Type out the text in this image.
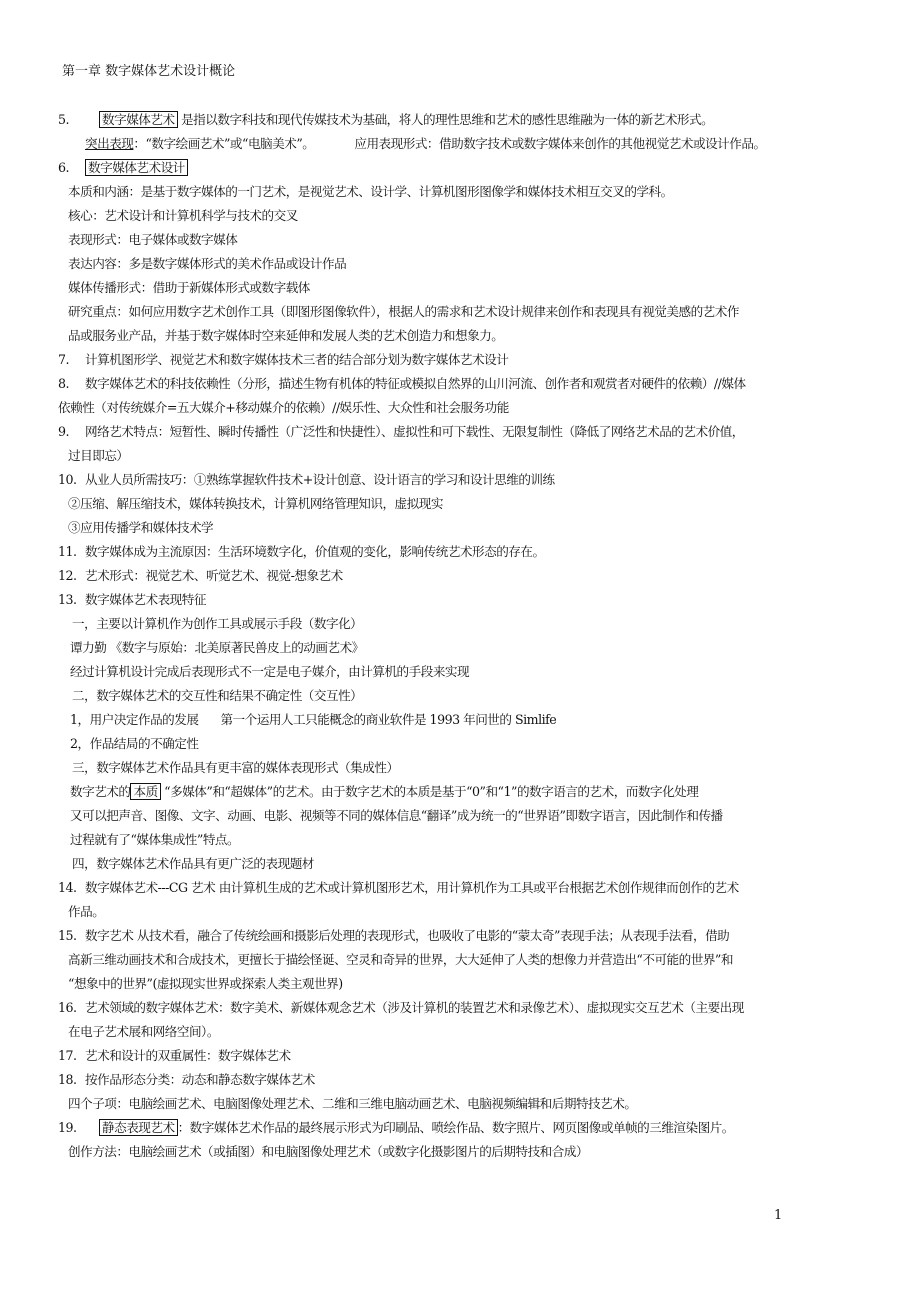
第一章 数字媒体艺术设计概论
5.	数字媒体艺术 是指以数字科技和现代传媒技术为基础，将人的理性思维和艺术的感性思维融为一体的新艺术形式。
突出表现：“数字绘画艺术”或“电脑美术”。	应用表现形式：借助数字技术或数字媒体来创作的其他视觉艺术或设计作品。
6. 数字媒体艺术设计
本质和内涵：是基于数字媒体的一门艺术，是视觉艺术、设计学、计算机图形图像学和媒体技术相互交叉的学科。
核心：艺术设计和计算机科学与技术的交叉
表现形式：电子媒体或数字媒体
表达内容：多是数字媒体形式的美术作品或设计作品
媒体传播形式：借助于新媒体形式或数字载体
研究重点：如何应用数字艺术创作工具（即图形图像软件），根据人的需求和艺术设计规律来创作和表现具有视觉美感的艺术作
品或服务业产品，并基于数字媒体时空来延伸和发展人类的艺术创造力和想象力。
7. 计算机图形学、视觉艺术和数字媒体技术三者的结合部分划为数字媒体艺术设计
8. 数字媒体艺术的科技依赖性（分形，描述生物有机体的特征或模拟自然界的山川河流、创作者和观赏者对硬件的依赖）//媒体
依赖性（对传统媒介=五大媒介+移动媒介的依赖）//娱乐性、大众性和社会服务功能
9. 网络艺术特点：短暂性、瞬时传播性（广泛性和快捷性）、虚拟性和可下载性、无限复制性（降低了网络艺术品的艺术价值，
过目即忘）
10. 从业人员所需技巧：①熟练掌握软件技术+设计创意、设计语言的学习和设计思维的训练
②压缩、解压缩技术，媒体转换技术，计算机网络管理知识，虚拟现实
③应用传播学和媒体技术学
11. 数字媒体成为主流原因：生活环境数字化，价值观的变化，影响传统艺术形态的存在。
12. 艺术形式：视觉艺术、听觉艺术、视觉-想象艺术
13. 数字媒体艺术表现特征
一，主要以计算机作为创作工具或展示手段（数字化）
谭力勤 《数字与原始：北美原著民兽皮上的动画艺术》
经过计算机设计完成后表现形式不一定是电子媒介，由计算机的手段来实现
二，数字媒体艺术的交互性和结果不确定性（交互性）
1，用户决定作品的发展 第一个运用人工只能概念的商业软件是 1993 年问世的 Simlife
2，作品结局的不确定性
三，数字媒体艺术作品具有更丰富的媒体表现形式（集成性）
数字艺术的 本质 “多媒体”和“超媒体”的艺术。由于数字艺术的本质是基于“0”和“1”的数字语言的艺术，而数字化处理
又可以把声音、图像、文字、动画、电影、视频等不同的媒体信息“翻译”成为统一的“世界语”即数字语言，因此制作和传播
过程就有了“媒体集成性”特点。
四，数字媒体艺术作品具有更广泛的表现题材
14. 数字媒体艺术---CG 艺术 由计算机生成的艺术或计算机图形艺术，用计算机作为工具或平台根据艺术创作规律而创作的艺术
作品。
15. 数字艺术 从技术看，融合了传统绘画和摄影后处理的表现形式，也吸收了电影的“蒙太奇”表现手法；从表现手法看，借助
高新三维动画技术和合成技术，更擅长于描绘怪诞、空灵和奇异的世界，大大延伸了人类的想像力并营造出“不可能的世界”和
“想象中的世界”(虚拟现实世界或探索人类主观世界)
16. 艺术领域的数字媒体艺术：数字美术、新媒体观念艺术（涉及计算机的装置艺术和录像艺术）、虚拟现实交互艺术（主要出现
在电子艺术展和网络空间）。
17. 艺术和设计的双重属性：数字媒体艺术
18. 按作品形态分类：动态和静态数字媒体艺术
四个子项：电脑绘画艺术、电脑图像处理艺术、二维和三维电脑动画艺术、电脑视频编辑和后期特技艺术。
19. 静态表现艺术 ：数字媒体艺术作品的最终展示形式为印刷品、喷绘作品、数字照片、网页图像或单帧的三维渲染图片。
创作方法：电脑绘画艺术（或插图）和电脑图像处理艺术（或数字化摄影图片的后期特技和合成）
1
